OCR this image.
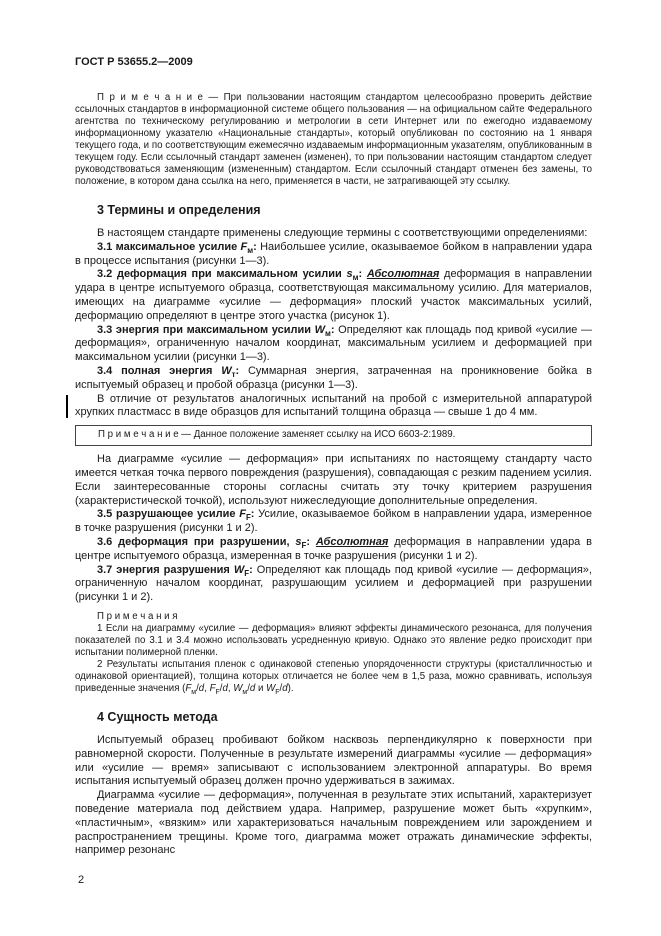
ГОСТ Р 53655.2—2009

П р и м е ч а н и е — При пользовании настоящим стандартом целесообразно проверить действие ссылочных стандартов в информационной системе общего пользования — на официальном сайте Федерального агентства по техническому регулированию и метрологии в сети Интернет или по ежегодно издаваемому информационному указателю «Национальные стандарты», который опубликован по состоянию на 1 января текущего года, и по соответствующим ежемесячно издаваемым информационным указателям, опубликованным в текущем году. Если ссылочный стандарт заменен (изменен), то при пользовании настоящим стандартом следует руководствоваться заменяющим (измененным) стандартом. Если ссылочный стандарт отменен без замены, то положение, в котором дана ссылка на него, применяется в части, не затрагивающей эту ссылку.

3 Термины и определения

В настоящем стандарте применены следующие термины с соответствующими определениями:

3.1 максимальное усилие $F_м$: Наибольшее усилие, оказываемое бойком в направлении удара в процессе испытания (рисунки 1—3).

3.2 деформация при максимальном усилии $s_м$: Абсолютная деформация в направлении удара в центре испытуемого образца, соответствующая максимальному усилию. Для материалов, имеющих на диаграмме «усилие — деформация» плоский участок максимальных усилий, деформацию определяют в центре этого участка (рисунок 1).

3.3 энергия при максимальном усилии $W_м$: Определяют как площадь под кривой «усилие — деформация», ограниченную началом координат, максимальным усилием и деформацией при максимальном усилии (рисунки 1—3).

3.4 полная энергия $W_т$: Суммарная энергия, затраченная на проникновение бойка в испытуемый образец и пробой образца (рисунки 1—3).

В отличие от результатов аналогичных испытаний на пробой с измерительной аппаратурой хрупких пластмасс в виде образцов для испытаний толщина образца — свыше 1 до 4 мм.

П р и м е ч а н и е — Данное положение заменяет ссылку на ИСО 6603-2:1989.

На диаграмме «усилие — деформация» при испытаниях по настоящему стандарту часто имеется четкая точка первого повреждения (разрушения), совпадающая с резким падением усилия. Если заинтересованные стороны согласны считать эту точку критерием разрушения (характеристической точкой), используют нижеследующие дополнительные определения.

3.5 разрушающее усилие $F_F$: Усилие, оказываемое бойком в направлении удара, измеренное в точке разрушения (рисунки 1 и 2).

3.6 деформация при разрушении, $s_F$: Абсолютная деформация в направлении удара в центре испытуемого образца, измеренная в точке разрушения (рисунки 1 и 2).

3.7 энергия разрушения $W_F$: Определяют как площадь под кривой «усилие — деформация», ограниченную началом координат, разрушающим усилием и деформацией при разрушении (рисунки 1 и 2).

П р и м е ч а н и я

1 Если на диаграмму «усилие — деформация» влияют эффекты динамического резонанса, для получения показателей по 3.1 и 3.4 можно использовать усредненную кривую. Однако это явление редко происходит при испытании полимерной пленки.

2 Результаты испытания пленок с одинаковой степенью упорядоченности структуры (кристалличностью и одинаковой ориентацией), толщина которых отличается не более чем в 1,5 раза, можно сравнивать, используя приведенные значения ($F_м/d$, $F_F/d$, $W_м/d$ и $W_F/d$).

4 Сущность метода

Испытуемый образец пробивают бойком насквозь перпендикулярно к поверхности при равномерной скорости. Полученные в результате измерений диаграммы «усилие — деформация» или «усилие — время» записывают с использованием электронной аппаратуры. Во время испытания испытуемый образец должен прочно удерживаться в зажимах.

Диаграмма «усилие — деформация», полученная в результате этих испытаний, характеризует поведение материала под действием удара. Например, разрушение может быть «хрупким», «пластичным», «вязким» или характеризоваться начальным повреждением или зарождением и распространением трещины. Кроме того, диаграмма может отражать динамические эффекты, например резонанс

2
